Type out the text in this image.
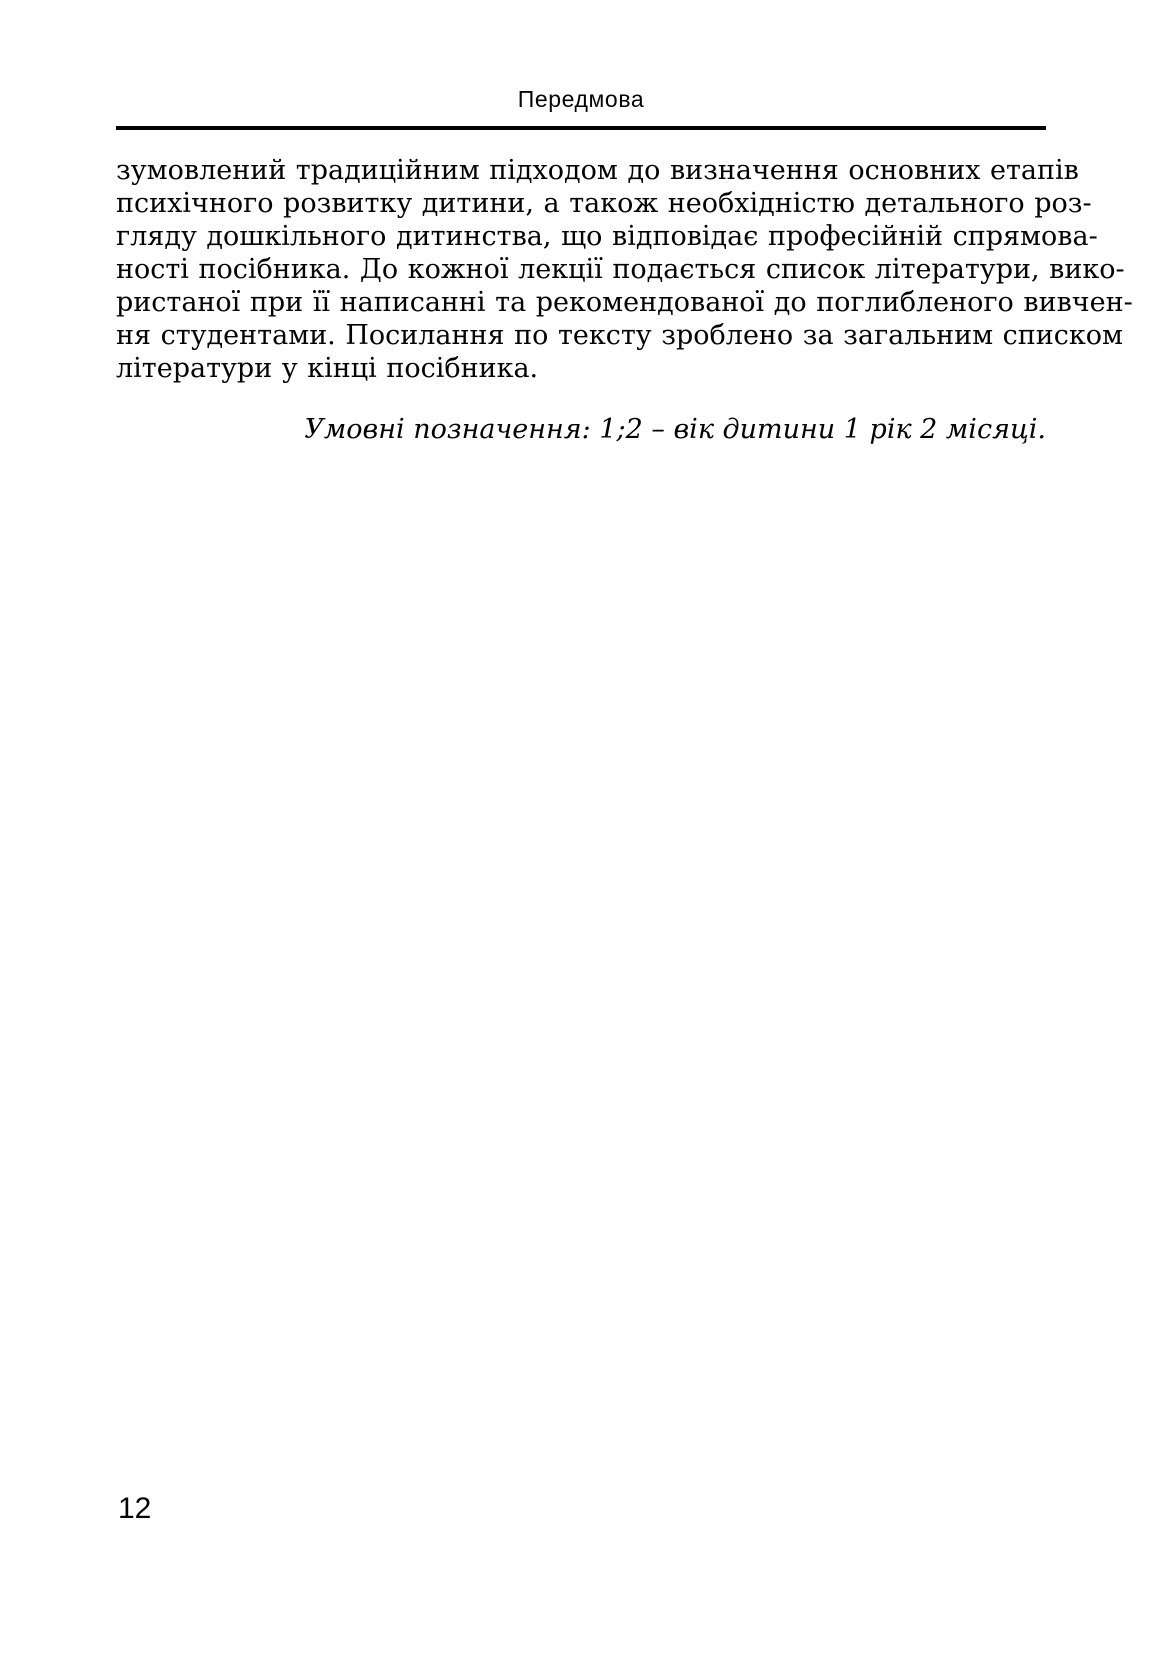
Передмова
зумовлений традиційним підходом до визначення основних етапів
психічного розвитку дитини, а також необхідністю детального роз-
гляду дошкільного дитинства, що відповідає професійній спрямова-
ності посібника. До кожної лекції подається список літератури, вико-
ристаної при її написанні та рекомендованої до поглибленого вивчен-
ня студентами. Посилання по тексту зроблено за загальним списком
літератури у кінці посібника.
Умовні позначення: 1;2 – вік дитини 1 рік 2 місяці.
12
